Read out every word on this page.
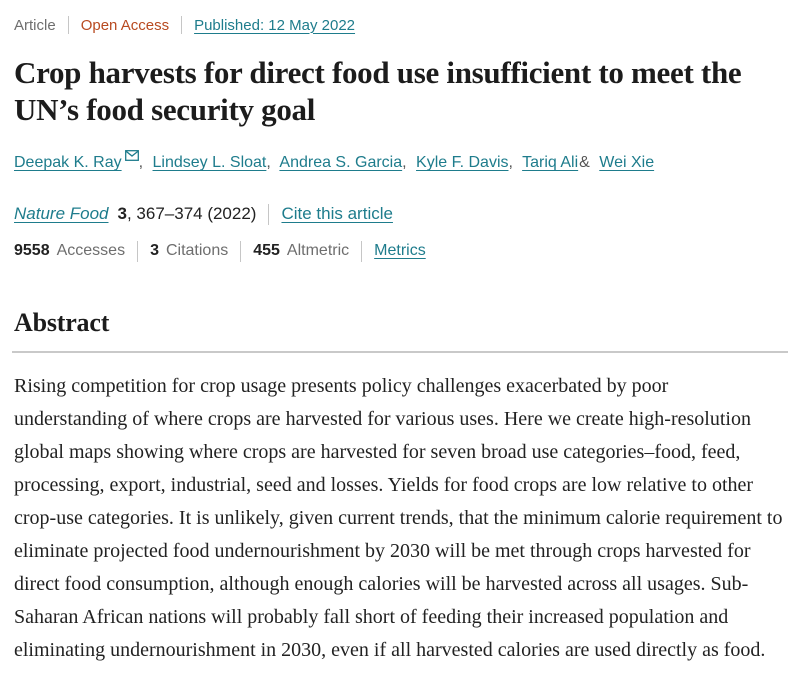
Article Open Access Published: 12 May 2022
Crop harvests for direct food use insufficient to meet the UN’s food security goal
Deepak K. Ray , Lindsey L. Sloat, Andrea S. Garcia, Kyle F. Davis, Tariq Ali& Wei Xie
Nature Food 3 , 367–374 (2022) Cite this article
9558 Accesses 3 Citations 455 Altmetric Metrics
Abstract

Rising competition for crop usage presents policy challenges exacerbated by poor understanding of where crops are harvested for various uses. Here we create high-resolution global maps showing where crops are harvested for seven broad use categories–food, feed, processing, export, industrial, seed and losses. Yields for food crops are low relative to other crop-use categories. It is unlikely, given current trends, that the minimum calorie requirement to eliminate projected food undernourishment by 2030 will be met through crops harvested for direct food consumption, although enough calories will be harvested across all usages. Sub-Saharan African nations will probably fall short of feeding their increased population and eliminating undernourishment in 2030, even if all harvested calories are used directly as food.
